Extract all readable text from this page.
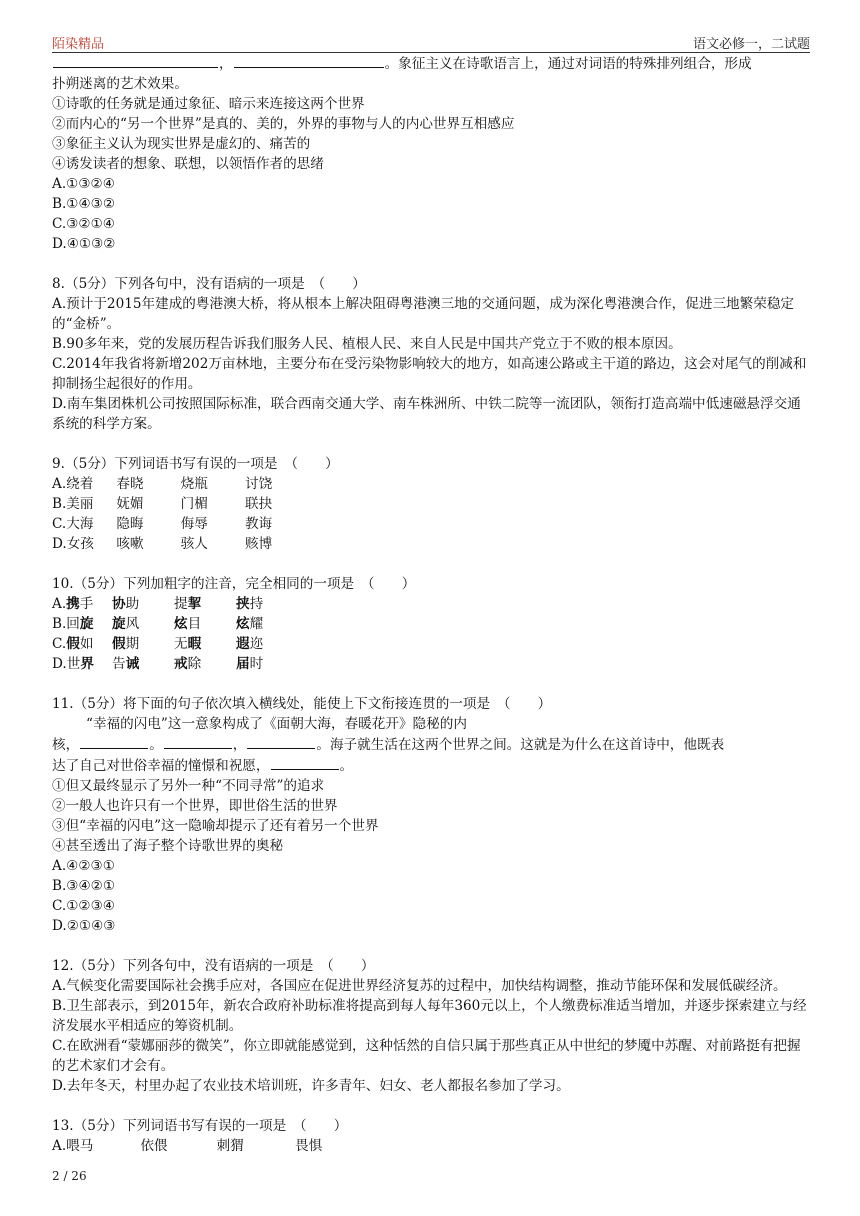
陌染精品	语文必修一，二试题
，	。象征主义在诗歌语言上，通过对词语的特殊排列组合，形成
扑朔迷离的艺术效果。
①诗歌的任务就是通过象征、暗示来连接这两个世界
②而内心的“另一个世界”是真的、美的，外界的事物与人的内心世界互相感应
③象征主义认为现实世界是虚幻的、痛苦的
④诱发读者的想象、联想，以领悟作者的思绪
A.①③②④
B.①④③②
C.③②①④
D.④①③②
8.（5分）下列各句中，没有语病的一项是　（　　）
A.预计于2015年建成的粤港澳大桥，将从根本上解决阻碍粤港澳三地的交通问题，成为深化粤港澳合作，促进三地繁荣稳定的“金桥”。
B.90多年来，党的发展历程告诉我们服务人民、植根人民、来自人民是中国共产党立于不败的根本原因。
C.2014年我省将新增202万亩林地，主要分布在受污染物影响较大的地方，如高速公路或主干道的路边，这会对尾气的削减和抑制扬尘起很好的作用。
D.南车集团株机公司按照国际标准，联合西南交通大学、南车株洲所、中铁二院等一流团队，领衔打造高端中低速磁悬浮交通系统的科学方案。
9.（5分）下列词语书写有误的一项是　（　　）
A.绕着 春晓	烧瓶	讨饶
B.美丽 妩媚	门楣	联抉
C.大海 隐晦	侮辱	教诲
D.女孩 咳嗽	骇人	赅博
10.（5分）下列加粗字的注音，完全相同的一项是　（　　）
A.携手 协助	提挈	挟持
B.回旋 旋风	炫目	炫耀
C.假如 假期	无暇	遐迩
D.世界 告诫	戒除	届时
11.（5分）将下面的句子依次填入横线处，能使上下文衔接连贯的一项是　（　　）
“幸福的闪电”这一意象构成了《面朝大海，春暖花开》隐秘的内
核，	。	，	。海子就生活在这两个世界之间。这就是为什么在这首诗中，他既表
达了自己对世俗幸福的憧憬和祝愿，	。
①但又最终显示了另外一种“不同寻常”的追求
②一般人也许只有一个世界，即世俗生活的世界
③但“幸福的闪电”这一隐喻却提示了还有着另一个世界
④甚至透出了海子整个诗歌世界的奥秘
A.④②③①
B.③④②①
C.①②③④
D.②①④③
12.（5分）下列各句中，没有语病的一项是　（　　）
A.气候变化需要国际社会携手应对，各国应在促进世界经济复苏的过程中，加快结构调整，推动节能环保和发展低碳经济。
B.卫生部表示，到2015年，新农合政府补助标准将提高到每人每年360元以上，个人缴费标准适当增加，并逐步探索建立与经济发展水平相适应的筹资机制。
C.在欧洲看“蒙娜丽莎的微笑”，你立即就能感觉到，这种恬然的自信只属于那些真正从中世纪的梦魇中苏醒、对前路挺有把握的艺术家们才会有。
D.去年冬天，村里办起了农业技术培训班，许多青年、妇女、老人都报名参加了学习。
13.（5分）下列词语书写有误的一项是　（　　）
A.喂马	依偎	刺猬	畏惧
2 / 26
